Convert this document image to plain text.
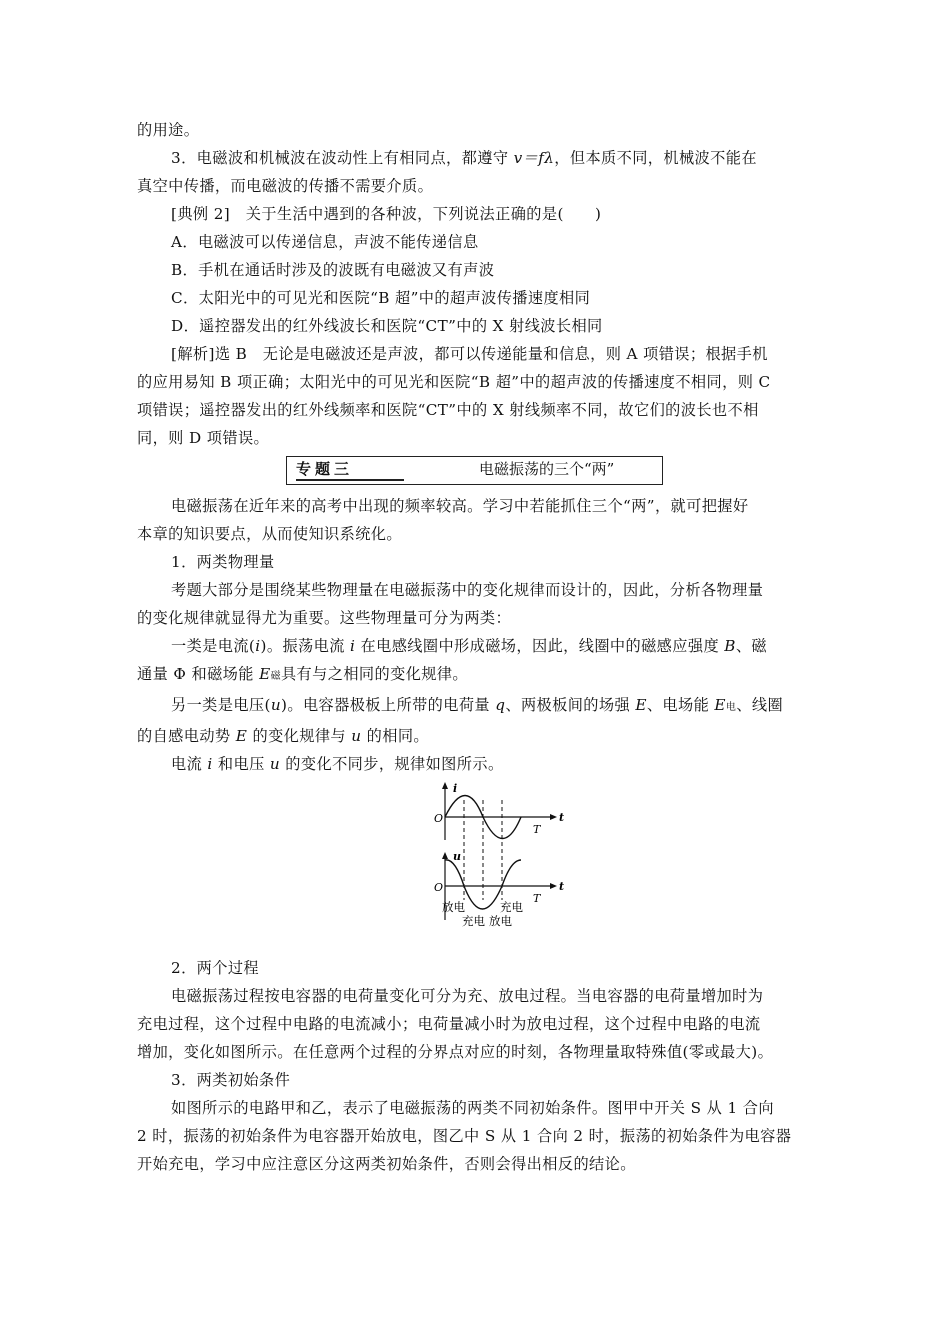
的用途。

3．电磁波和机械波在波动性上有相同点，都遵守 v＝fλ，但本质不同，机械波不能在

真空中传播，而电磁波的传播不需要介质。

[典例 2]　关于生活中遇到的各种波，下列说法正确的是(　　)

A．电磁波可以传递信息，声波不能传递信息

B．手机在通话时涉及的波既有电磁波又有声波

C．太阳光中的可见光和医院“B 超”中的超声波传播速度相同

D．遥控器发出的红外线波长和医院“CT”中的 X 射线波长相同

[解析]选 B　无论是电磁波还是声波，都可以传递能量和信息，则 A 项错误；根据手机

的应用易知 B 项正确；太阳光中的可见光和医院“B 超”中的超声波的传播速度不相同，则 C

项错误；遥控器发出的红外线频率和医院“CT”中的 X 射线频率不同，故它们的波长也不相

同，则 D 项错误。

专题三	电磁振荡的三个“两”

电磁振荡在近年来的高考中出现的频率较高。学习中若能抓住三个“两”，就可把握好

本章的知识要点，从而使知识系统化。

1．两类物理量

考题大部分是围绕某些物理量在电磁振荡中的变化规律而设计的，因此，分析各物理量

的变化规律就显得尤为重要。这些物理量可分为两类：

一类是电流(i)。振荡电流 i 在电感线圈中形成磁场，因此，线圈中的磁感应强度 B、磁

通量 Φ 和磁场能 E磁具有与之相同的变化规律。

另一类是电压(u)。电容器极板上所带的电荷量 q、两极板间的场强 E、电场能 E电、线圈

的自感电动势 E 的变化规律与 u 的相同。

电流 i 和电压 u 的变化不同步，规律如图所示。

i
t
O
T
u
t
O
T
放电
充电
充电
放电

2．两个过程

电磁振荡过程按电容器的电荷量变化可分为充、放电过程。当电容器的电荷量增加时为

充电过程，这个过程中电路的电流减小；电荷量减小时为放电过程，这个过程中电路的电流

增加，变化如图所示。在任意两个过程的分界点对应的时刻，各物理量取特殊值(零或最大)。

3．两类初始条件

如图所示的电路甲和乙，表示了电磁振荡的两类不同初始条件。图甲中开关 S 从 1 合向

2 时，振荡的初始条件为电容器开始放电，图乙中 S 从 1 合向 2 时，振荡的初始条件为电容器

开始充电，学习中应注意区分这两类初始条件，否则会得出相反的结论。
